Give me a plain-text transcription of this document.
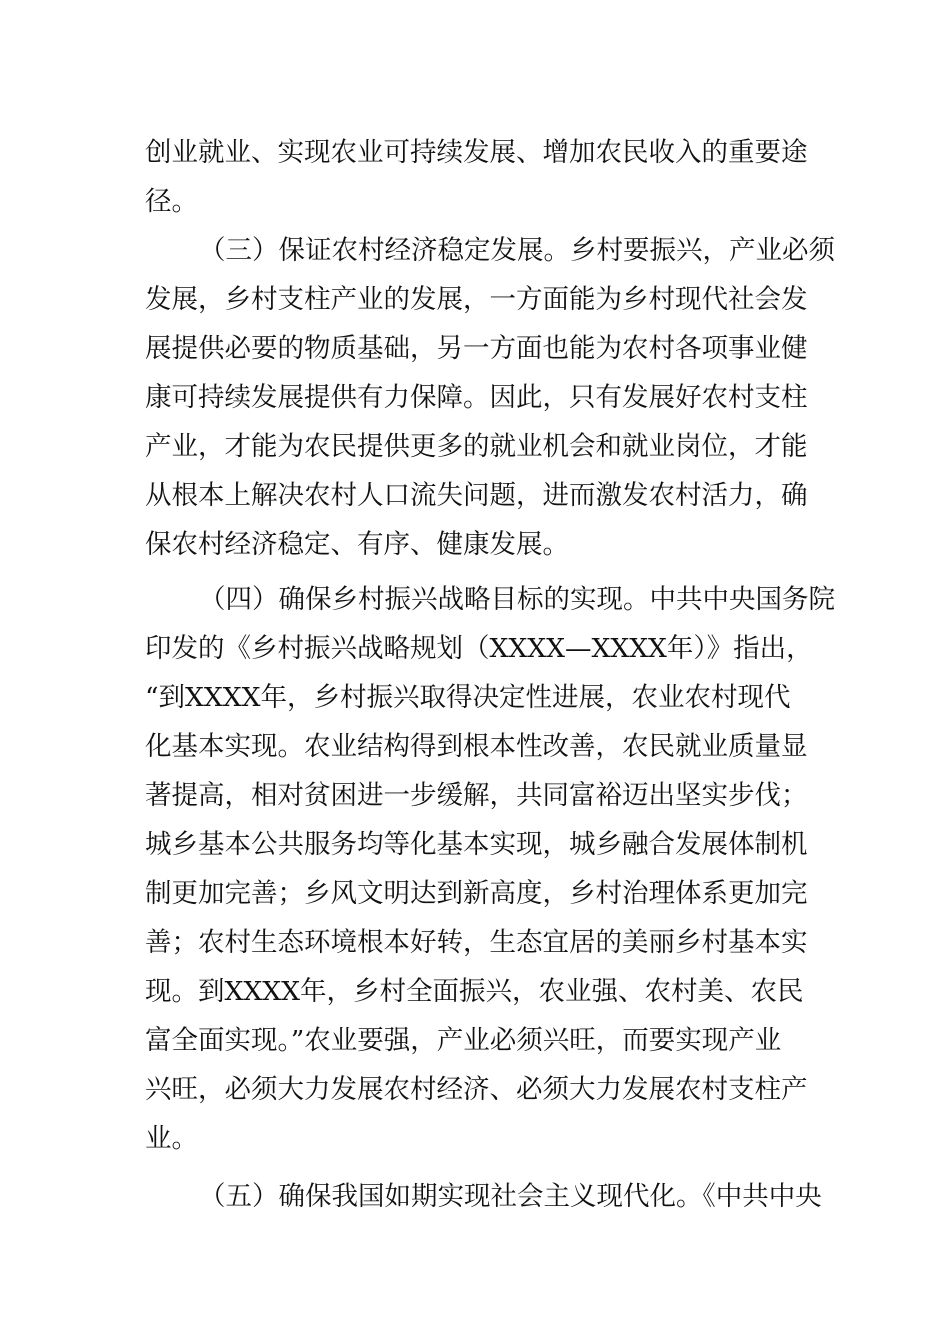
创业就业、实现农业可持续发展、增加农民收入的重要途
径。
（三）保证农村经济稳定发展。乡村要振兴，产业必须
发展，乡村支柱产业的发展，一方面能为乡村现代社会发
展提供必要的物质基础，另一方面也能为农村各项事业健
康可持续发展提供有力保障。因此，只有发展好农村支柱
产业，才能为农民提供更多的就业机会和就业岗位，才能
从根本上解决农村人口流失问题，进而激发农村活力，确
保农村经济稳定、有序、健康发展。
（四）确保乡村振兴战略目标的实现。中共中央国务院
印发的《乡村振兴战略规划（XXXX—XXXX年）》指出，
“到XXXX年，乡村振兴取得决定性进展，农业农村现代
化基本实现。农业结构得到根本性改善，农民就业质量显
著提高，相对贫困进一步缓解，共同富裕迈出坚实步伐；
城乡基本公共服务均等化基本实现，城乡融合发展体制机
制更加完善；乡风文明达到新高度，乡村治理体系更加完
善；农村生态环境根本好转，生态宜居的美丽乡村基本实
现。到XXXX年，乡村全面振兴，农业强、农村美、农民
富全面实现。”农业要强，产业必须兴旺，而要实现产业
兴旺，必须大力发展农村经济、必须大力发展农村支柱产
业。
（五）确保我国如期实现社会主义现代化。《中共中央
